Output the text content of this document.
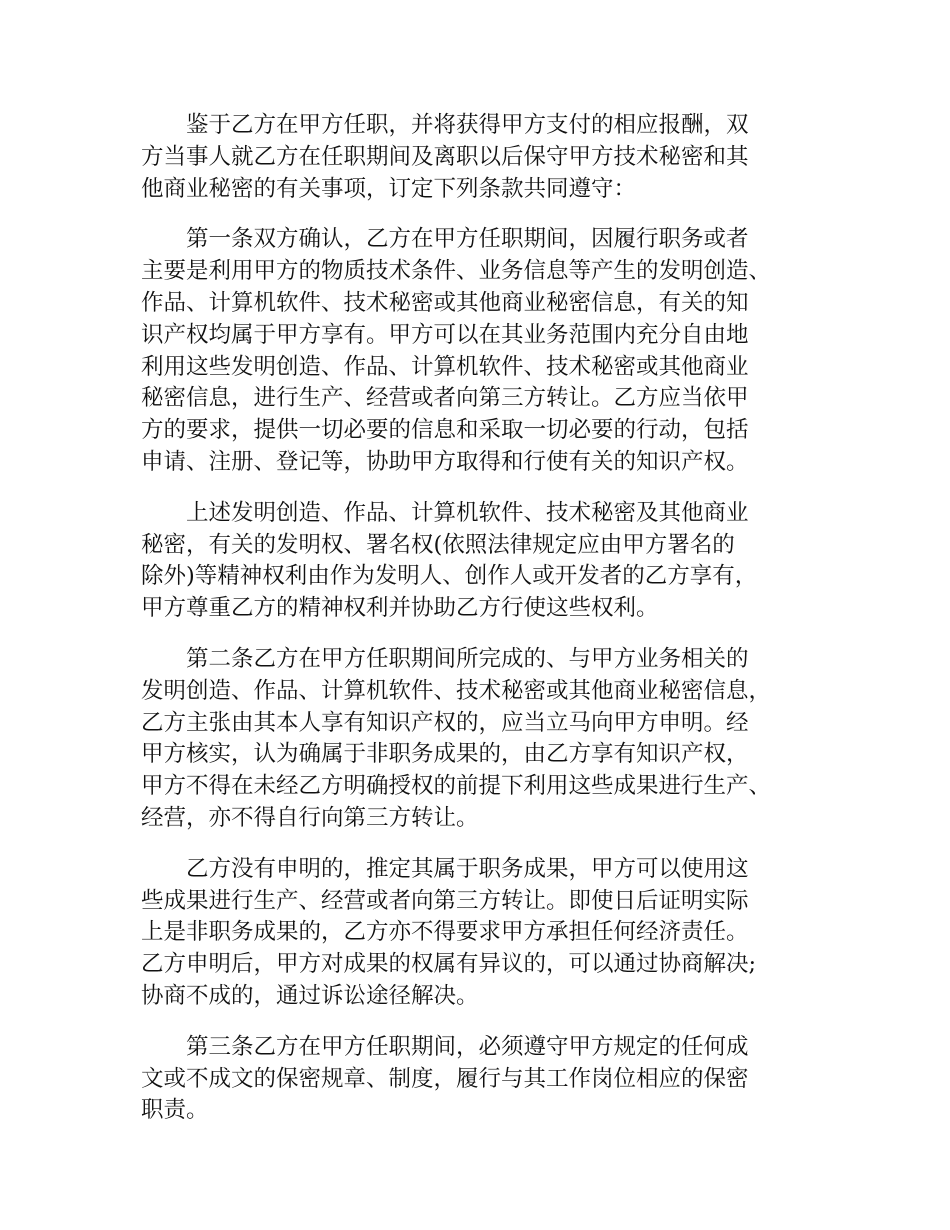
鉴于乙方在甲方任职，并将获得甲方支付的相应报酬，双
方当事人就乙方在任职期间及离职以后保守甲方技术秘密和其
他商业秘密的有关事项，订定下列条款共同遵守：

第一条双方确认，乙方在甲方任职期间，因履行职务或者
主要是利用甲方的物质技术条件、业务信息等产生的发明创造、
作品、计算机软件、技术秘密或其他商业秘密信息，有关的知
识产权均属于甲方享有。甲方可以在其业务范围内充分自由地
利用这些发明创造、作品、计算机软件、技术秘密或其他商业
秘密信息，进行生产、经营或者向第三方转让。乙方应当依甲
方的要求，提供一切必要的信息和采取一切必要的行动，包括
申请、注册、登记等，协助甲方取得和行使有关的知识产权。

上述发明创造、作品、计算机软件、技术秘密及其他商业
秘密，有关的发明权、署名权(依照法律规定应由甲方署名的
除外)等精神权利由作为发明人、创作人或开发者的乙方享有，
甲方尊重乙方的精神权利并协助乙方行使这些权利。

第二条乙方在甲方任职期间所完成的、与甲方业务相关的
发明创造、作品、计算机软件、技术秘密或其他商业秘密信息，
乙方主张由其本人享有知识产权的，应当立马向甲方申明。经
甲方核实，认为确属于非职务成果的，由乙方享有知识产权，
甲方不得在未经乙方明确授权的前提下利用这些成果进行生产、
经营，亦不得自行向第三方转让。

乙方没有申明的，推定其属于职务成果，甲方可以使用这
些成果进行生产、经营或者向第三方转让。即使日后证明实际
上是非职务成果的，乙方亦不得要求甲方承担任何经济责任。
乙方申明后，甲方对成果的权属有异议的，可以通过协商解决;
协商不成的，通过诉讼途径解决。

第三条乙方在甲方任职期间，必须遵守甲方规定的任何成
文或不成文的保密规章、制度，履行与其工作岗位相应的保密
职责。
